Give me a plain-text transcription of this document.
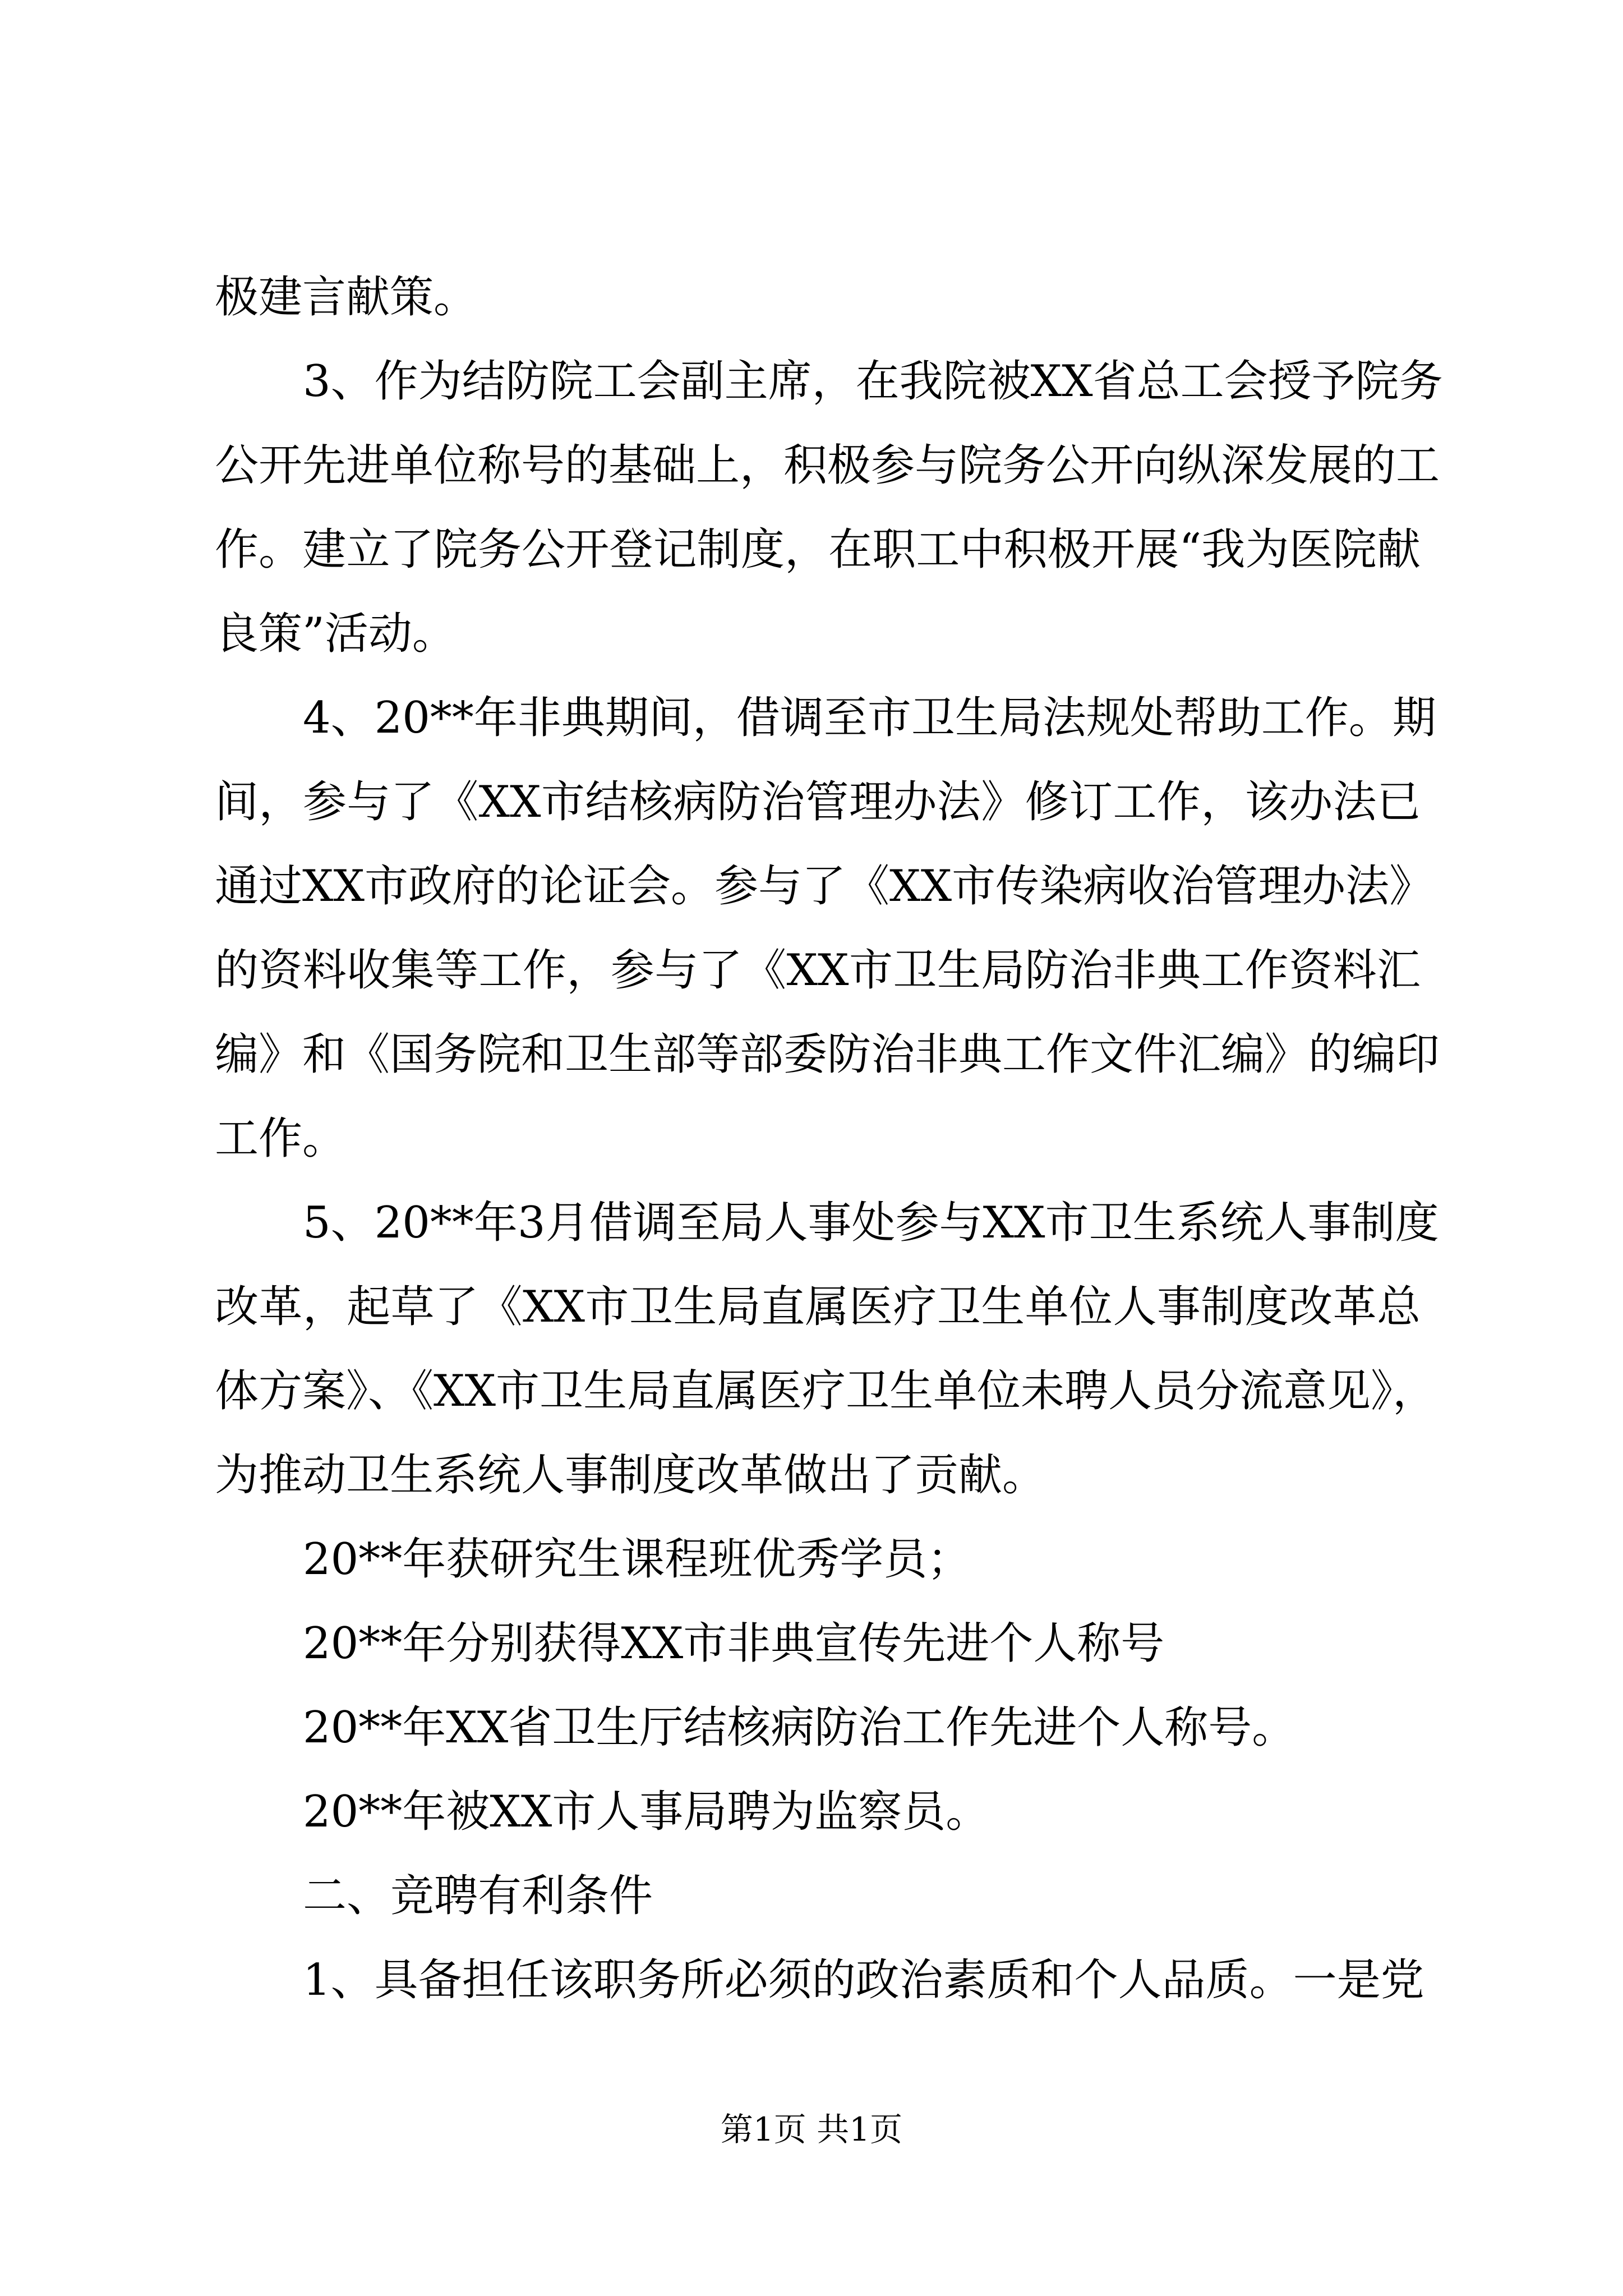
极建言献策。
3、作为结防院工会副主席，在我院被XX省总工会授予院务
公开先进单位称号的基础上，积极参与院务公开向纵深发展的工
作。建立了院务公开登记制度，在职工中积极开展“我为医院献
良策”活动。
4、20**年非典期间，借调至市卫生局法规处帮助工作。期
间，参与了《XX市结核病防治管理办法》修订工作，该办法已
通过XX市政府的论证会。参与了《XX市传染病收治管理办法》
的资料收集等工作，参与了《XX市卫生局防治非典工作资料汇
编》和《国务院和卫生部等部委防治非典工作文件汇编》的编印
工作。
5、20**年3月借调至局人事处参与XX市卫生系统人事制度
改革，起草了《XX市卫生局直属医疗卫生单位人事制度改革总
体方案》、《XX市卫生局直属医疗卫生单位未聘人员分流意见》，
为推动卫生系统人事制度改革做出了贡献。
20**年获研究生课程班优秀学员；
20**年分别获得XX市非典宣传先进个人称号
20**年XX省卫生厅结核病防治工作先进个人称号。
20**年被XX市人事局聘为监察员。
二、竞聘有利条件
1、具备担任该职务所必须的政治素质和个人品质。一是党
第1页 共1页
